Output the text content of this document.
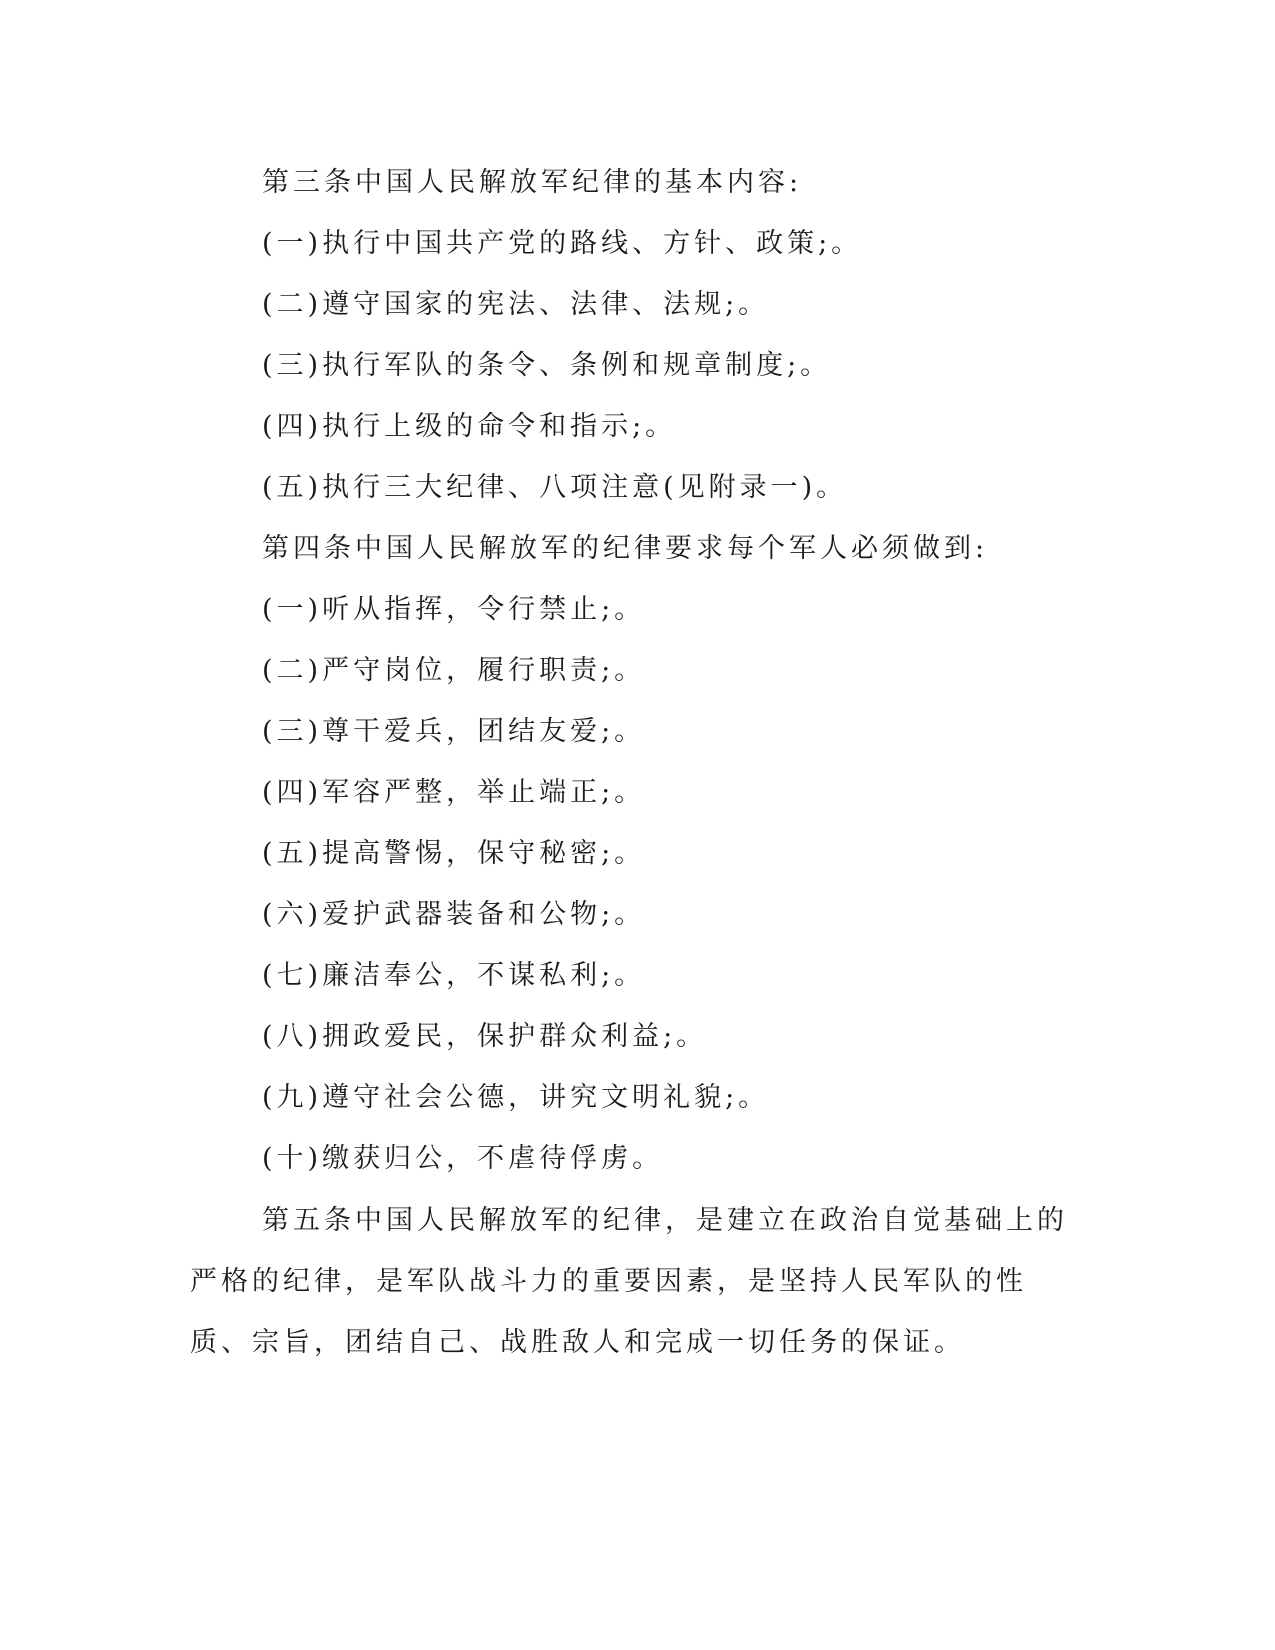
第三条中国人民解放军纪律的基本内容:

(一)执行中国共产党的路线、方针、政策;。

(二)遵守国家的宪法、法律、法规;。

(三)执行军队的条令、条例和规章制度;。

(四)执行上级的命令和指示;。

(五)执行三大纪律、八项注意(见附录一)。

第四条中国人民解放军的纪律要求每个军人必须做到:

(一)听从指挥，令行禁止;。

(二)严守岗位，履行职责;。

(三)尊干爱兵，团结友爱;。

(四)军容严整，举止端正;。

(五)提高警惕，保守秘密;。

(六)爱护武器装备和公物;。

(七)廉洁奉公，不谋私利;。

(八)拥政爱民，保护群众利益;。

(九)遵守社会公德，讲究文明礼貌;。

(十)缴获归公，不虐待俘虏。

第五条中国人民解放军的纪律，是建立在政治自觉基础上的严格的纪律，是军队战斗力的重要因素，是坚持人民军队的性质、宗旨，团结自己、战胜敌人和完成一切任务的保证。
